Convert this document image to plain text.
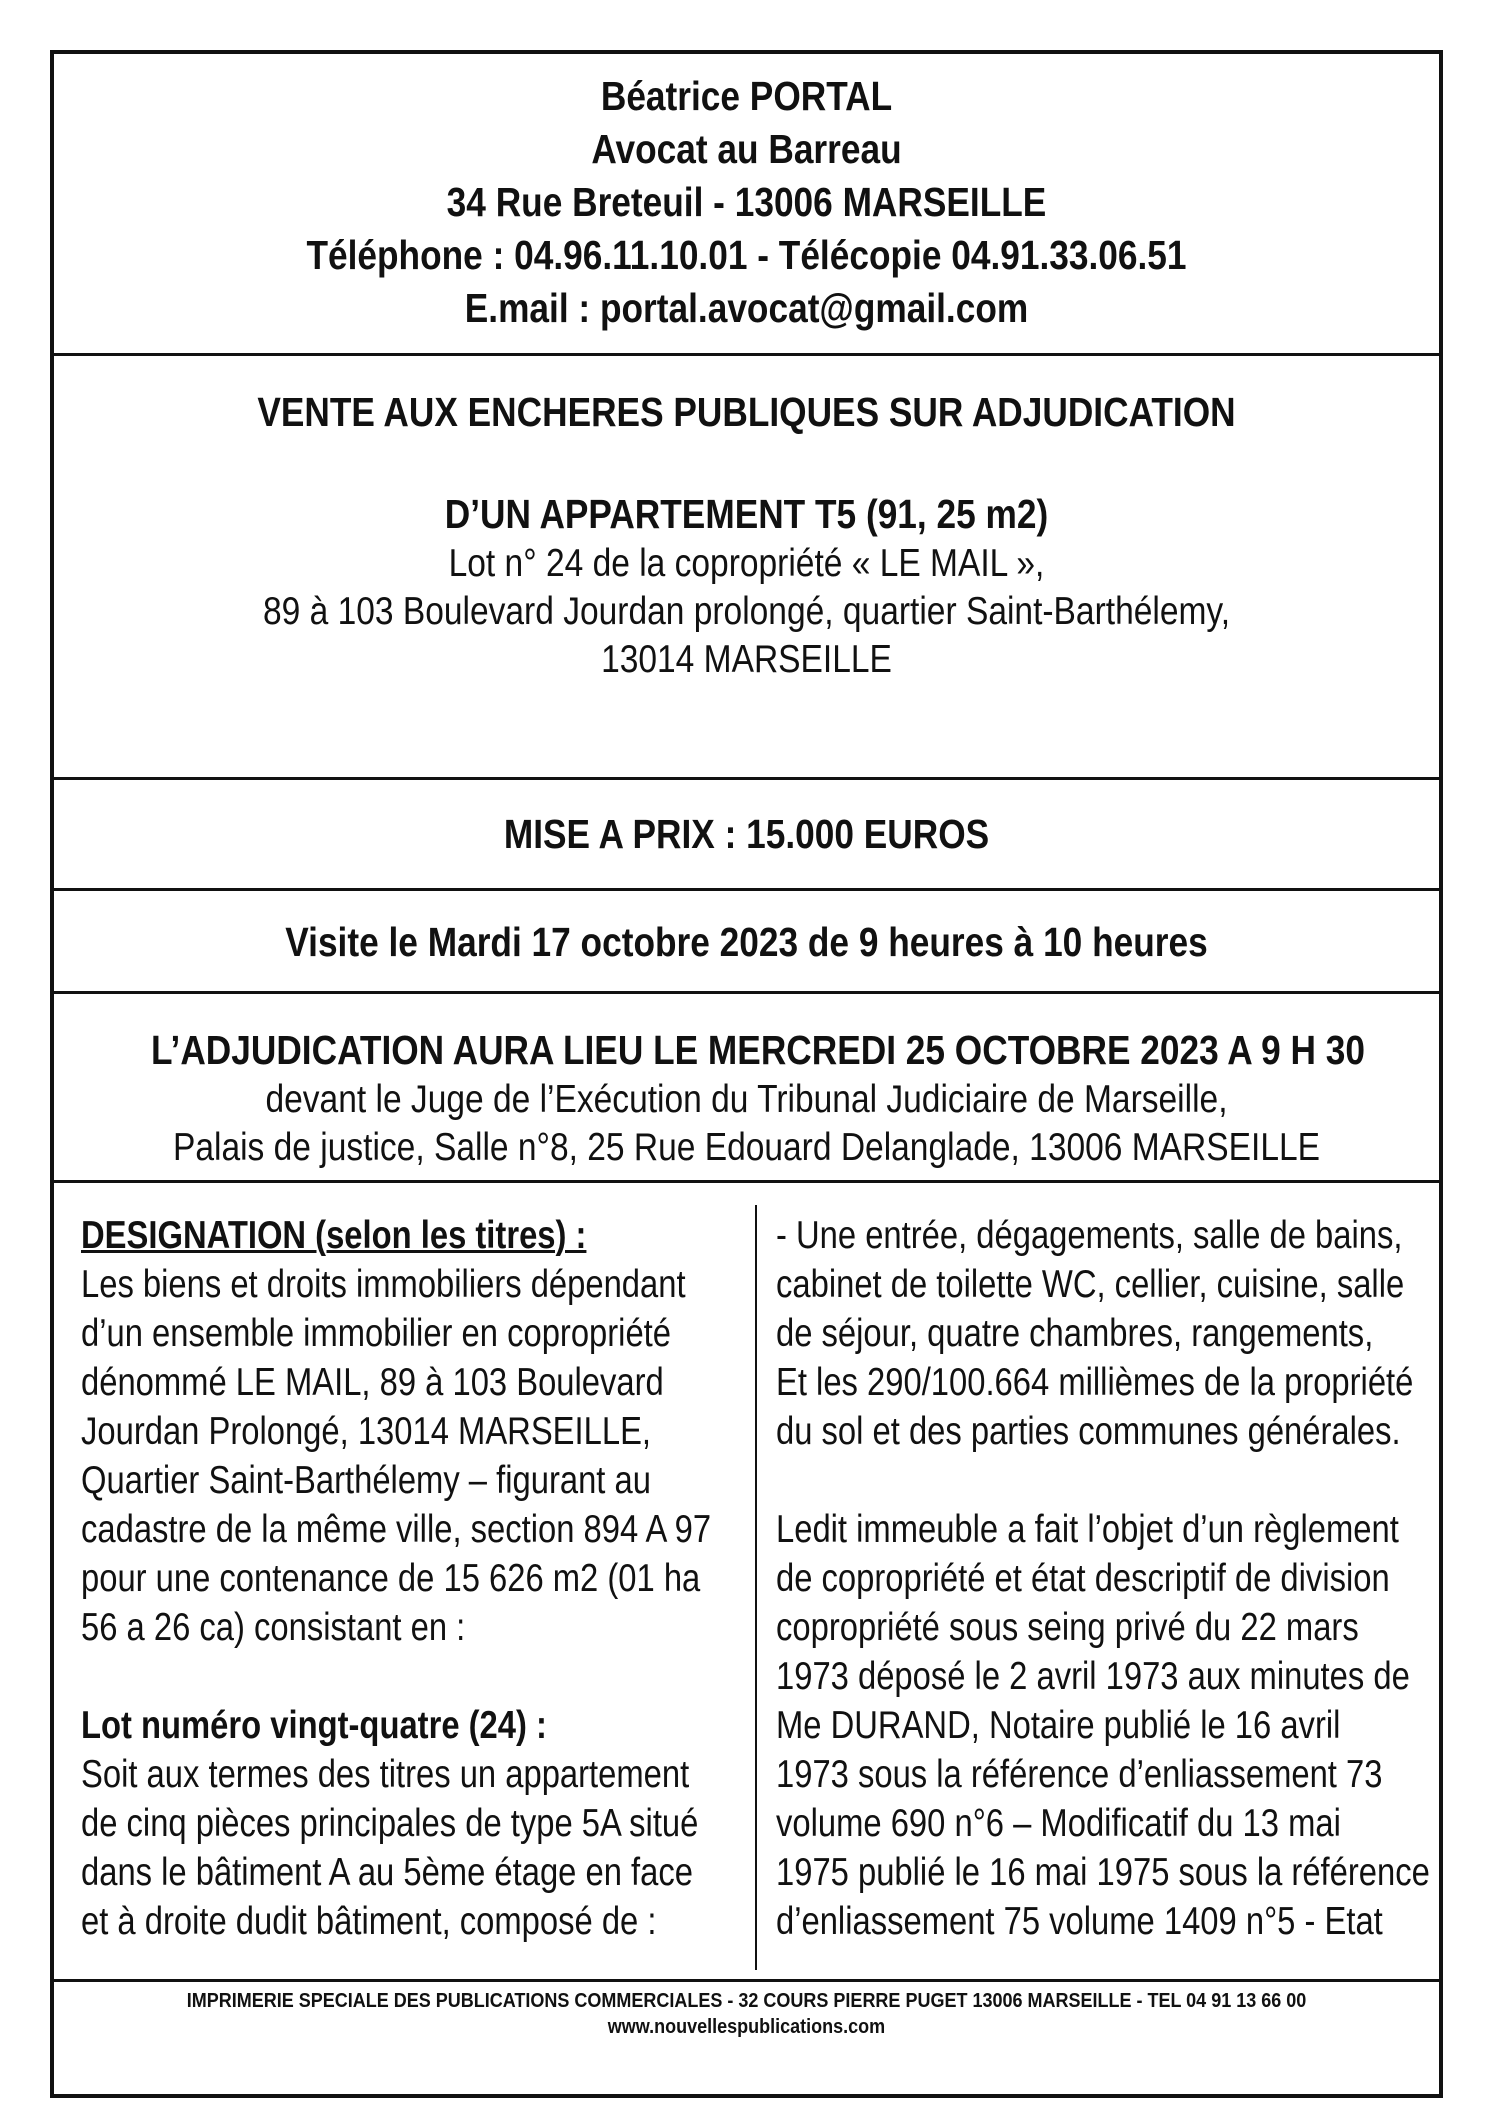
Béatrice PORTAL
Avocat au Barreau
34 Rue Breteuil - 13006 MARSEILLE
Téléphone : 04.96.11.10.01 - Télécopie 04.91.33.06.51
E.mail : portal.avocat@gmail.com
VENTE AUX ENCHERES PUBLIQUES SUR ADJUDICATION
D’UN APPARTEMENT T5 (91, 25 m2)
Lot n° 24 de la copropriété « LE MAIL »,
89 à 103 Boulevard Jourdan prolongé, quartier Saint-Barthélemy,
13014 MARSEILLE
MISE A PRIX : 15.000 EUROS
Visite le Mardi 17 octobre 2023 de 9 heures à 10 heures
L’ADJUDICATION AURA LIEU LE MERCREDI 25 OCTOBRE 2023 A 9 H 30
devant le Juge de l’Exécution du Tribunal Judiciaire de Marseille,
Palais de justice, Salle n°8, 25 Rue Edouard Delanglade, 13006 MARSEILLE
DESIGNATION (selon les titres) :
Les biens et droits immobiliers dépendant
d’un ensemble immobilier en copropriété
dénommé LE MAIL, 89 à 103 Boulevard
Jourdan Prolongé, 13014 MARSEILLE,
Quartier Saint-Barthélemy – figurant au
cadastre de la même ville, section 894 A 97
pour une contenance de 15 626 m2 (01 ha
56 a 26 ca) consistant en :
Lot numéro vingt-quatre (24) :
Soit aux termes des titres un appartement
de cinq pièces principales de type 5A situé
dans le bâtiment A au 5ème étage en face
et à droite dudit bâtiment, composé de :
- Une entrée, dégagements, salle de bains,
cabinet de toilette WC, cellier, cuisine, salle
de séjour, quatre chambres, rangements,
Et les 290/100.664 millièmes de la propriété
du sol et des parties communes générales.
Ledit immeuble a fait l’objet d’un règlement
de copropriété et état descriptif de division
copropriété sous seing privé du 22 mars
1973 déposé le 2 avril 1973 aux minutes de
Me DURAND, Notaire publié le 16 avril
1973 sous la référence d’enliassement 73
volume 690 n°6 – Modificatif du 13 mai
1975 publié le 16 mai 1975 sous la référence
d’enliassement 75 volume 1409 n°5 - Etat
IMPRIMERIE SPECIALE DES PUBLICATIONS COMMERCIALES - 32 COURS PIERRE PUGET 13006 MARSEILLE - TEL 04 91 13 66 00
www.nouvellespublications.com
